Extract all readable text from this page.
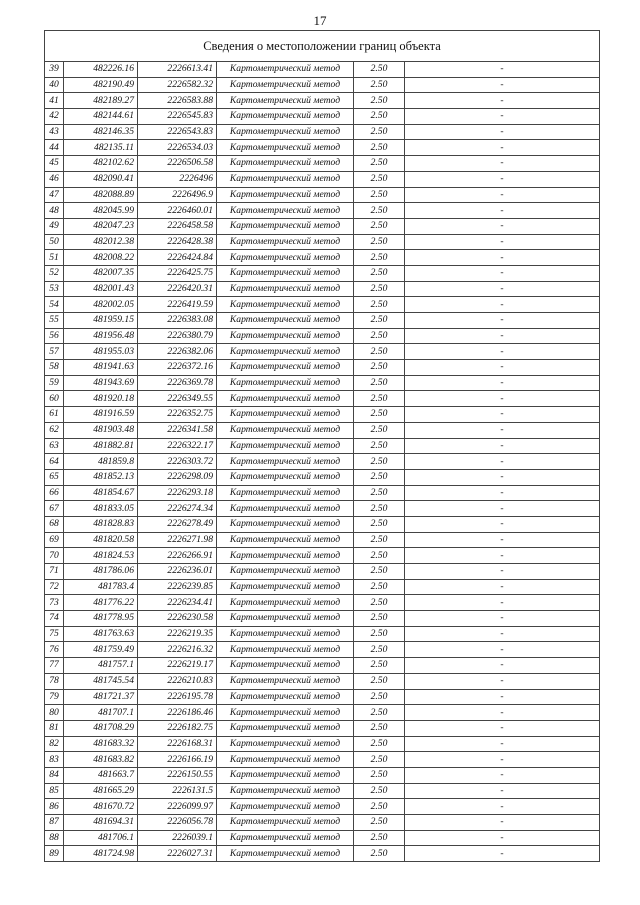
17
Сведения о местоположении границ объекта					
39	482226.16	2226613.41	Картометрический метод	2.50	-
40	482190.49	2226582.32	Картометрический метод	2.50	-
41	482189.27	2226583.88	Картометрический метод	2.50	-
42	482144.61	2226545.83	Картометрический метод	2.50	-
43	482146.35	2226543.83	Картометрический метод	2.50	-
44	482135.11	2226534.03	Картометрический метод	2.50	-
45	482102.62	2226506.58	Картометрический метод	2.50	-
46	482090.41	2226496	Картометрический метод	2.50	-
47	482088.89	2226496.9	Картометрический метод	2.50	-
48	482045.99	2226460.01	Картометрический метод	2.50	-
49	482047.23	2226458.58	Картометрический метод	2.50	-
50	482012.38	2226428.38	Картометрический метод	2.50	-
51	482008.22	2226424.84	Картометрический метод	2.50	-
52	482007.35	2226425.75	Картометрический метод	2.50	-
53	482001.43	2226420.31	Картометрический метод	2.50	-
54	482002.05	2226419.59	Картометрический метод	2.50	-
55	481959.15	2226383.08	Картометрический метод	2.50	-
56	481956.48	2226380.79	Картометрический метод	2.50	-
57	481955.03	2226382.06	Картометрический метод	2.50	-
58	481941.63	2226372.16	Картометрический метод	2.50	-
59	481943.69	2226369.78	Картометрический метод	2.50	-
60	481920.18	2226349.55	Картометрический метод	2.50	-
61	481916.59	2226352.75	Картометрический метод	2.50	-
62	481903.48	2226341.58	Картометрический метод	2.50	-
63	481882.81	2226322.17	Картометрический метод	2.50	-
64	481859.8	2226303.72	Картометрический метод	2.50	-
65	481852.13	2226298.09	Картометрический метод	2.50	-
66	481854.67	2226293.18	Картометрический метод	2.50	-
67	481833.05	2226274.34	Картометрический метод	2.50	-
68	481828.83	2226278.49	Картометрический метод	2.50	-
69	481820.58	2226271.98	Картометрический метод	2.50	-
70	481824.53	2226266.91	Картометрический метод	2.50	-
71	481786.06	2226236.01	Картометрический метод	2.50	-
72	481783.4	2226239.85	Картометрический метод	2.50	-
73	481776.22	2226234.41	Картометрический метод	2.50	-
74	481778.95	2226230.58	Картометрический метод	2.50	-
75	481763.63	2226219.35	Картометрический метод	2.50	-
76	481759.49	2226216.32	Картометрический метод	2.50	-
77	481757.1	2226219.17	Картометрический метод	2.50	-
78	481745.54	2226210.83	Картометрический метод	2.50	-
79	481721.37	2226195.78	Картометрический метод	2.50	-
80	481707.1	2226186.46	Картометрический метод	2.50	-
81	481708.29	2226182.75	Картометрический метод	2.50	-
82	481683.32	2226168.31	Картометрический метод	2.50	-
83	481683.82	2226166.19	Картометрический метод	2.50	-
84	481663.7	2226150.55	Картометрический метод	2.50	-
85	481665.29	2226131.5	Картометрический метод	2.50	-
86	481670.72	2226099.97	Картометрический метод	2.50	-
87	481694.31	2226056.78	Картометрический метод	2.50	-
88	481706.1	2226039.1	Картометрический метод	2.50	-
89	481724.98	2226027.31	Картометрический метод	2.50	-
